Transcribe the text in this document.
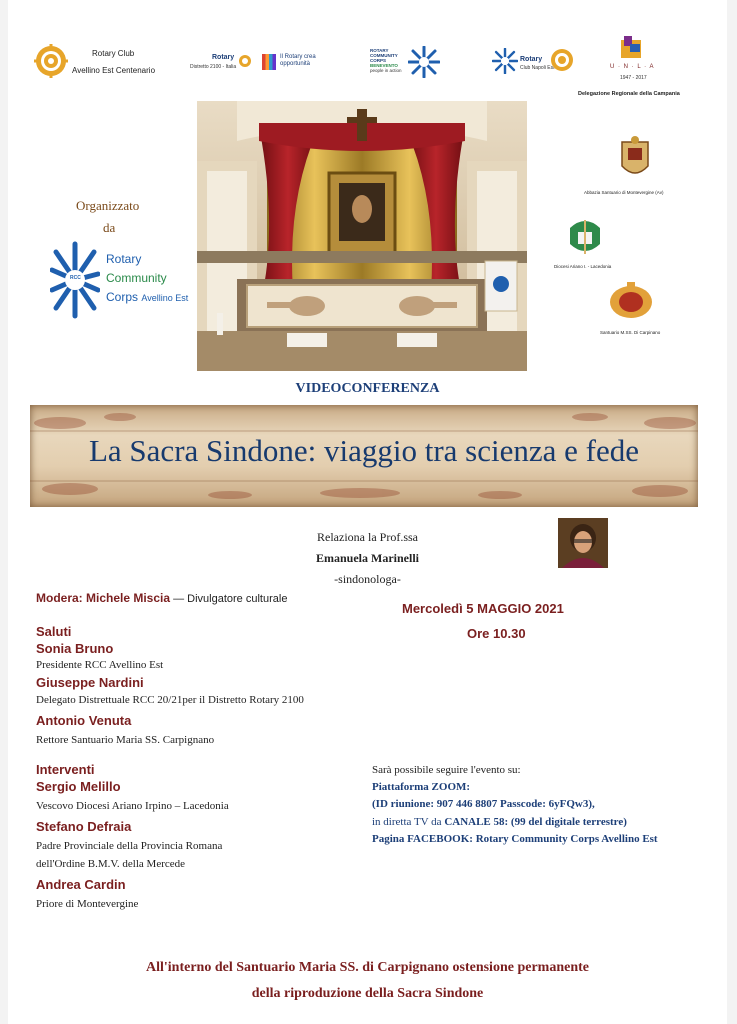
Rotary Club
Avellino Est Centenario
Rotary
Distretto 2100 - Italia
Il Rotary crea opportunità
ROTARY
COMMUNITY
CORPS
BENEVENTO
people in action
Rotary
Club Napoli Est	U · N · L · A
1947 - 2017
Delegazione Regionale della Campania
Abbazia Santuario di Montevergine (Av)
Diocesi Ariano I. - Lacedonia
Santuario M.SS. Di Carpinano
Organizzato
da
RCC
Rotary
Community
Corps Avellino Est
VIDEOCONFERENZA
La Sacra Sindone: viaggio tra scienza e fede
Relaziona la Prof.ssa
Emanuela Marinelli
-sindonologa-
Modera: Michele Miscia — Divulgatore culturale
Mercoledì 5 MAGGIO 2021
Ore 10.30
Saluti
Sonia Bruno
Presidente RCC Avellino Est
Giuseppe Nardini
Delegato Distrettuale RCC 20/21per il Distretto Rotary 2100
Antonio Venuta
Rettore Santuario Maria SS. Carpignano
Interventi
Sergio Melillo
Vescovo Diocesi Ariano Irpino – Lacedonia
Stefano Defraia
Padre Provinciale della Provincia Romana
dell'Ordine B.M.V. della Mercede
Andrea Cardin
Priore di Montevergine
Sarà possibile seguire l'evento su:
Piattaforma ZOOM:
(ID riunione: 907 446 8807 Passcode: 6yFQw3),
in diretta TV da CANALE 58: (99 del digitale terrestre)
Pagina FACEBOOK: Rotary Community Corps Avellino Est
All'interno del Santuario Maria SS. di Carpignano ostensione permanente
della riproduzione della Sacra Sindone
